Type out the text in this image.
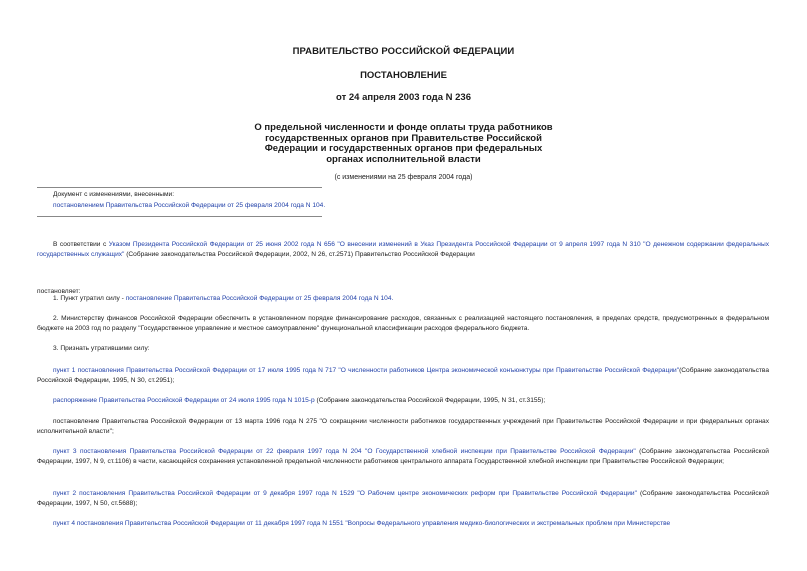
ПРАВИТЕЛЬСТВО РОССИЙСКОЙ ФЕДЕРАЦИИ
ПОСТАНОВЛЕНИЕ
от 24 апреля 2003 года N 236
О предельной численности и фонде оплаты труда работников
государственных органов при Правительстве Российской
Федерации и государственных органов при федеральных
органах исполнительной власти
(с изменениями на 25 февраля 2004 года)
Документ с изменениями, внесенными:
постановлением Правительства Российской Федерации от 25 февраля 2004 года N 104.
В соответствии с Указом Президента Российской Федерации от 25 июня 2002 года N 656 "О внесении изменений в Указ Президента Российской Федерации от 9 апреля 1997 года N 310 "О денежном содержании федеральных государственных служащих" (Собрание законодательства Российской Федерации, 2002, N 26, ст.2571) Правительство Российской Федерации
постановляет:
1. Пункт утратил силу - постановление Правительства Российской Федерации от 25 февраля 2004 года N 104.
2. Министерству финансов Российской Федерации обеспечить в установленном порядке финансирование расходов, связанных с реализацией настоящего постановления, в пределах средств, предусмотренных в федеральном бюджете на 2003 год по разделу "Государственное управление и местное самоуправление" функциональной классификации расходов федерального бюджета.
3. Признать утратившими силу:
пункт 1 постановления Правительства Российской Федерации от 17 июля 1995 года N 717 "О численности работников Центра экономической конъюнктуры при Правительстве Российской Федерации"(Собрание законодательства Российской Федерации, 1995, N 30, ст.2951);
распоряжение Правительства Российской Федерации от 24 июля 1995 года N 1015-р (Собрание законодательства Российской Федерации, 1995, N 31, ст.3155);
постановление Правительства Российской Федерации от 13 марта 1996 года N 275 "О сокращении численности работников государственных учреждений при Правительстве Российской Федерации и при федеральных органах исполнительной власти";
пункт 3 постановления Правительства Российской Федерации от 22 февраля 1997 года N 204 "О Государственной хлебной инспекции при Правительстве Российской Федерации" (Собрание законодательства Российской Федерации, 1997, N 9, ст.1106) в части, касающейся сохранения установленной предельной численности работников центрального аппарата Государственной хлебной инспекции при Правительстве Российской Федерации;
пункт 2 постановления Правительства Российской Федерации от 9 декабря 1997 года N 1529 "О Рабочем центре экономических реформ при Правительстве Российской Федерации" (Собрание законодательства Российской Федерации, 1997, N 50, ст.5688);
пункт 4 постановления Правительства Российской Федерации от 11 декабря 1997 года N 1551 "Вопросы Федерального управления медико-биологических и экстремальных проблем при Министерстве
